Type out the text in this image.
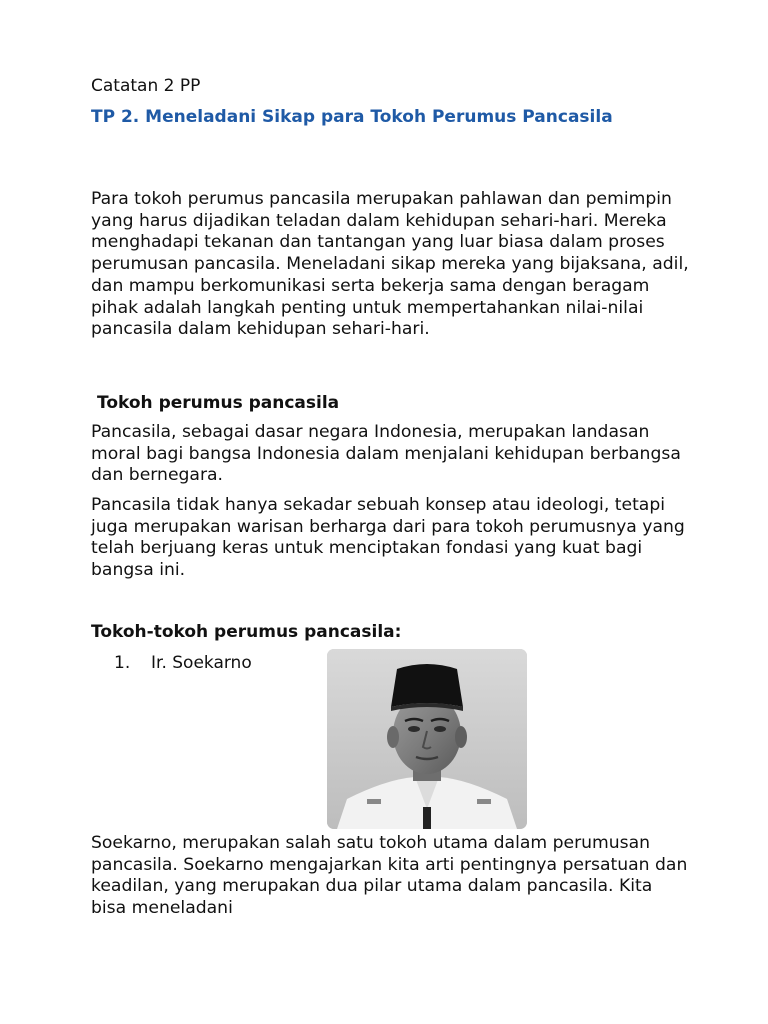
Catatan 2 PP
TP 2. Meneladani Sikap para Tokoh Perumus Pancasila

Para tokoh perumus pancasila merupakan pahlawan dan pemimpin yang harus dijadikan teladan dalam kehidupan sehari-hari. Mereka menghadapi tekanan dan tantangan yang luar biasa dalam proses perumusan pancasila. Meneladani sikap mereka yang bijaksana, adil, dan mampu berkomunikasi serta bekerja sama dengan beragam pihak adalah langkah penting untuk mempertahankan nilai-nilai pancasila dalam kehidupan sehari-hari.

Tokoh perumus pancasila

Pancasila, sebagai dasar negara Indonesia, merupakan landasan moral bagi bangsa Indonesia dalam menjalani kehidupan berbangsa dan bernegara.

Pancasila tidak hanya sekadar sebuah konsep atau ideologi, tetapi juga merupakan warisan berharga dari para tokoh perumusnya yang telah berjuang keras untuk menciptakan fondasi yang kuat bagi bangsa ini.

Tokoh-tokoh perumus pancasila:
1. Ir. Soekarno

Soekarno, merupakan salah satu tokoh utama dalam perumusan pancasila. Soekarno mengajarkan kita arti pentingnya persatuan dan keadilan, yang merupakan dua pilar utama dalam pancasila. Kita bisa meneladani
